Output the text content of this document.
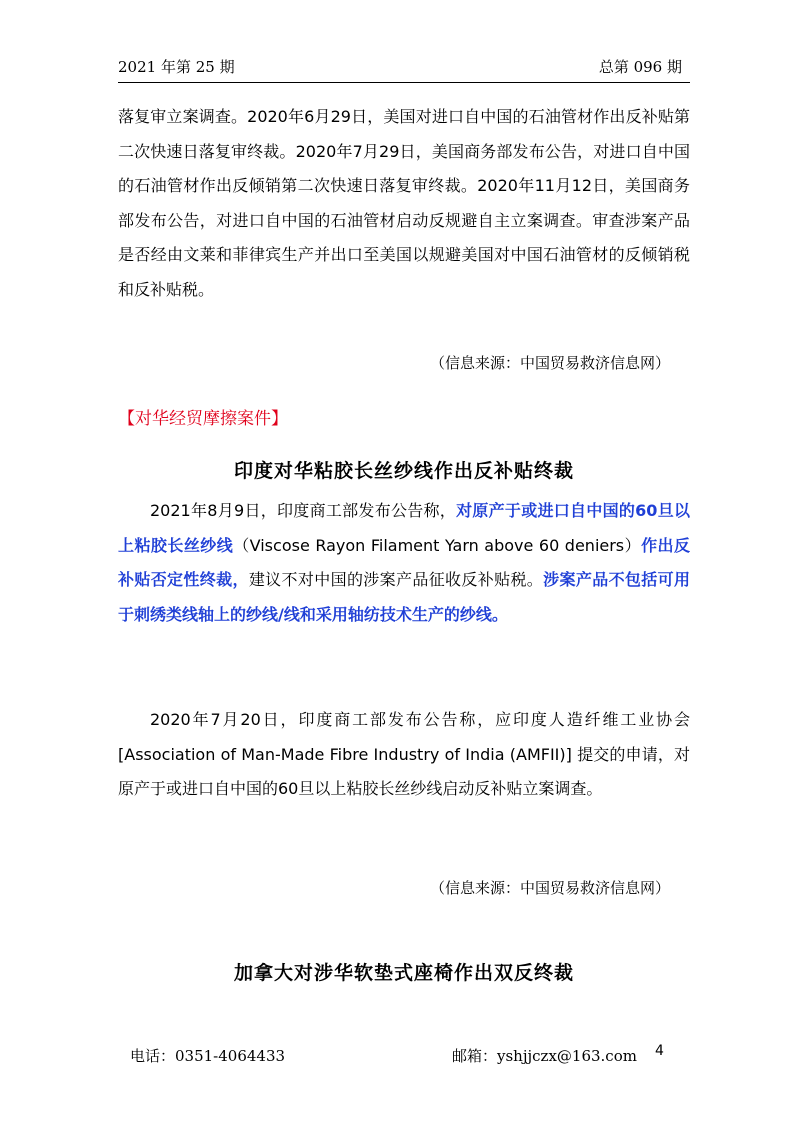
2021 年第 25 期	总第 096 期

落复审立案调查。2020年6月29日，美国对进口自中国的石油管材作出反补贴第二次快速日落复审终裁。2020年7月29日，美国商务部发布公告，对进口自中国的石油管材作出反倾销第二次快速日落复审终裁。2020年11月12日，美国商务部发布公告，对进口自中国的石油管材启动反规避自主立案调查。审查涉案产品是否经由文莱和菲律宾生产并出口至美国以规避美国对中国石油管材的反倾销税和反补贴税。

（信息来源：中国贸易救济信息网）
【对华经贸摩擦案件】
印度对华粘胶长丝纱线作出反补贴终裁

2021年8月9日，印度商工部发布公告称，对原产于或进口自中国的60旦以上粘胶长丝纱线（Viscose Rayon Filament Yarn above 60 deniers）作出反补贴否定性终裁，建议不对中国的涉案产品征收反补贴税。涉案产品不包括可用于刺绣类线轴上的纱线/线和采用轴纺技术生产的纱线。

2020年7月20日，印度商工部发布公告称，应印度人造纤维工业协会[Association of Man-Made Fibre Industry of India (AMFII)] 提交的申请，对原产于或进口自中国的60旦以上粘胶长丝纱线启动反补贴立案调查。

（信息来源：中国贸易救济信息网）
加拿大对涉华软垫式座椅作出双反终裁
电话：0351-4064433	邮箱：yshjjczx@163.com 4
